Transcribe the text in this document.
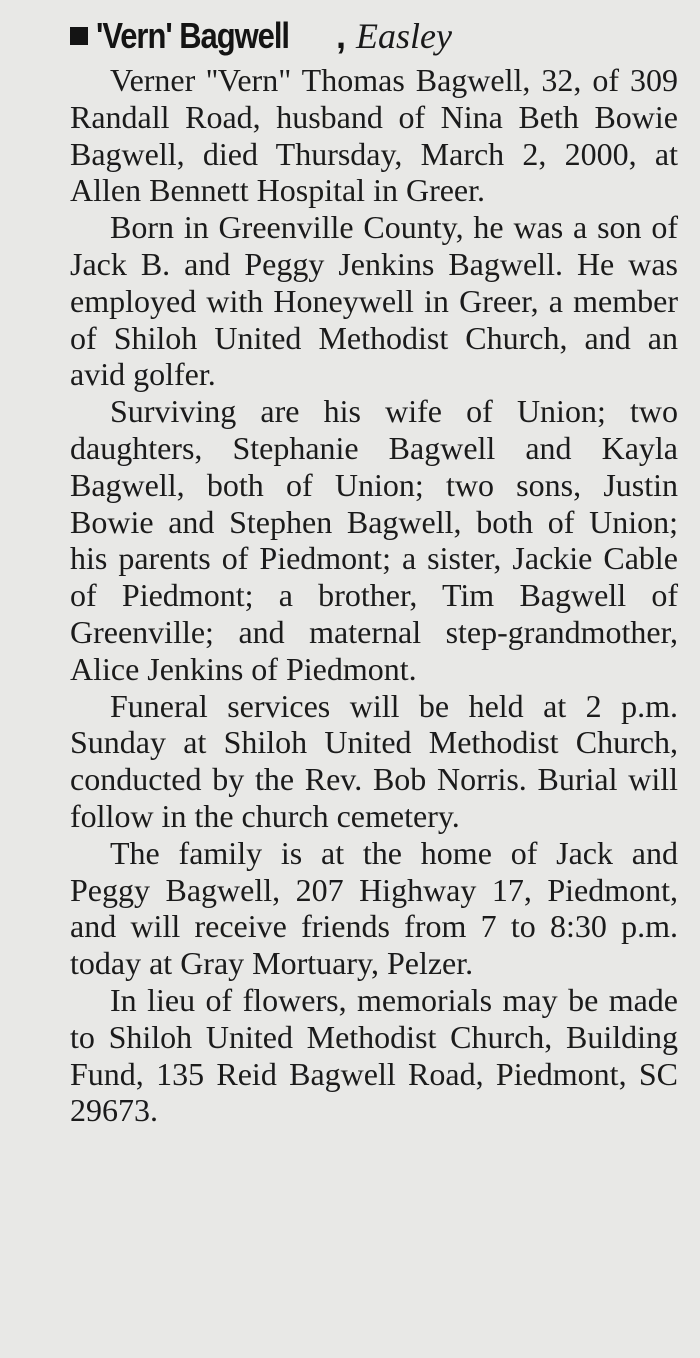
'Vern' Bagwell	, Easley

Verner ''Vern" Thomas Bagwell, 32, of 309 Randall Road, husband of Nina Beth Bowie Bagwell, died Thursday, March 2, 2000, at Allen Bennett Hospital in Greer.

Born in Greenville County, he was a son of Jack B. and Peggy Jenkins Bagwell. He was employed with Honeywell in Greer, a member of Shiloh United Methodist Church, and an avid golfer.

Surviving are his wife of Union; two daughters, Stephanie Bagwell and Kayla Bagwell, both of Union; two sons, Justin Bowie and Stephen Bagwell, both of Union; his parents of Piedmont; a sister, Jackie Cable of Piedmont; a brother, Tim Bagwell of Greenville; and maternal step-grandmother, Alice Jenkins of Piedmont.

Funeral services will be held at 2 p.m. Sunday at Shiloh United Methodist Church, conducted by the Rev. Bob Norris. Burial will follow in the church cemetery.

The family is at the home of Jack and Peggy Bagwell, 207 Highway 17, Piedmont, and will receive friends from 7 to 8:30 p.m. today at Gray Mortuary, Pelzer.

In lieu of flowers, memorials may be made to Shiloh United Methodist Church, Building Fund, 135 Reid Bagwell Road, Piedmont, SC 29673.
